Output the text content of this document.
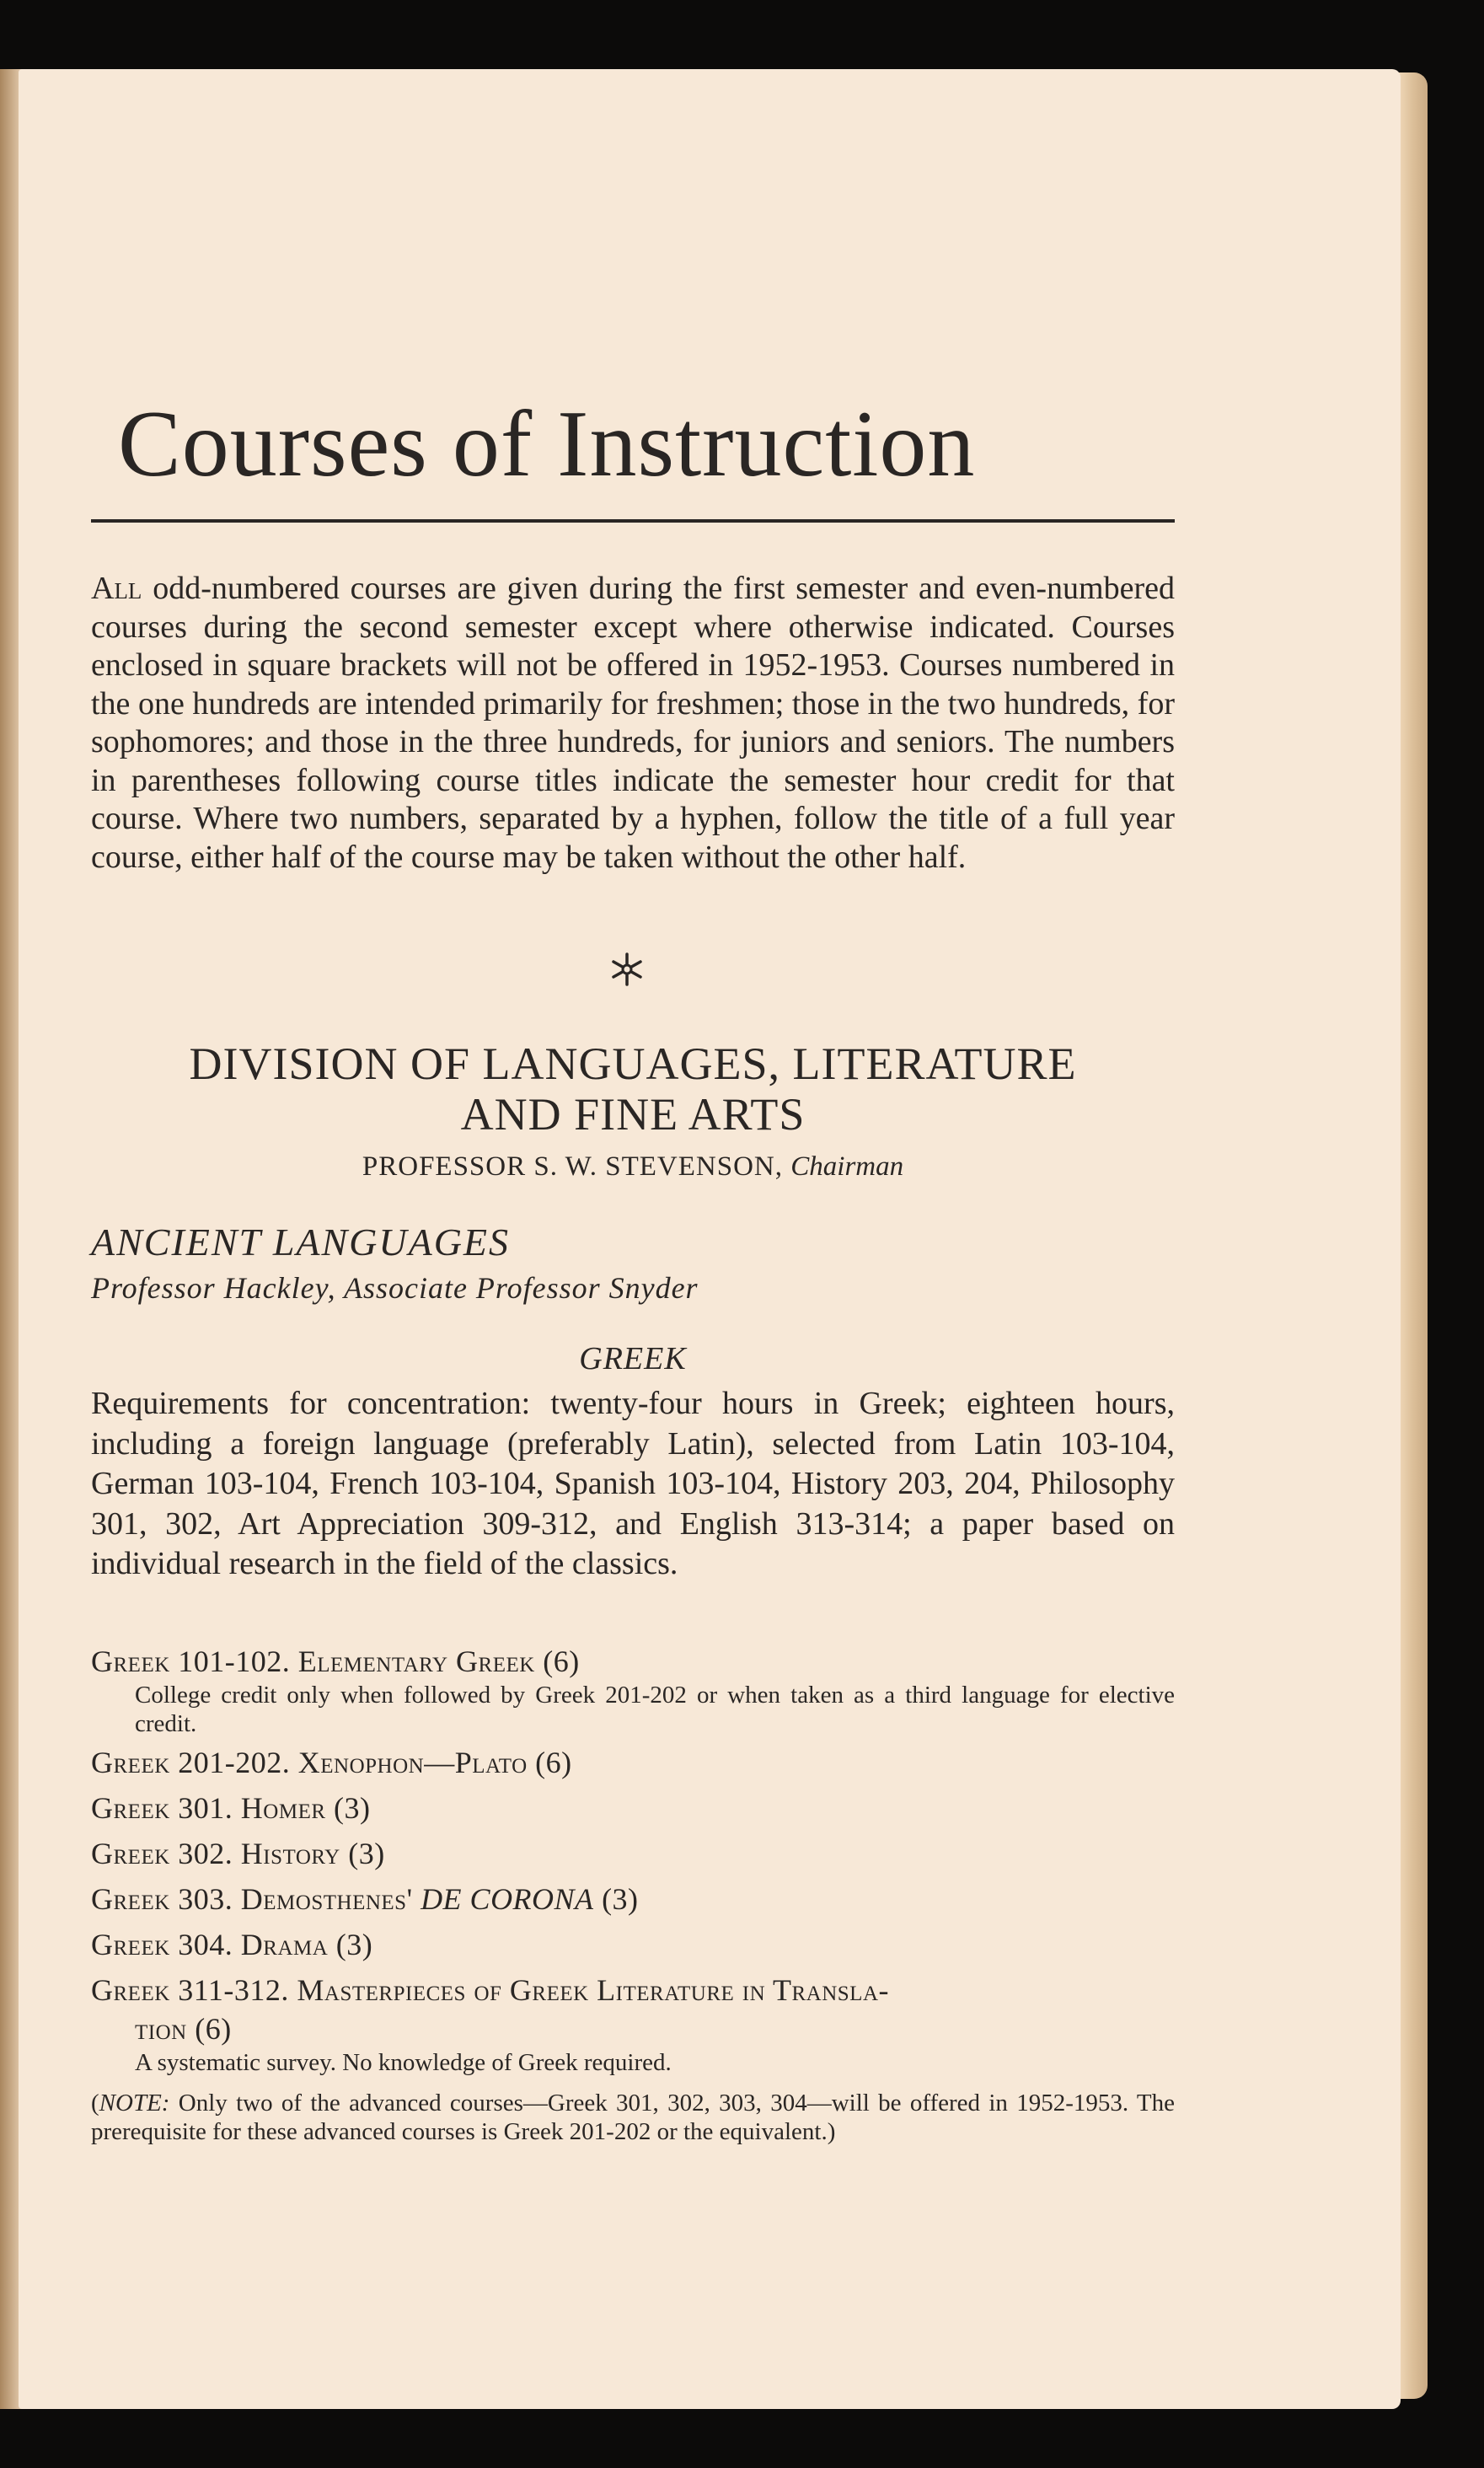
Courses of Instruction

All odd-numbered courses are given during the first semester and even-numbered courses during the second semester except where otherwise indicated. Courses enclosed in square brackets will not be offered in 1952-1953. Courses numbered in the one hundreds are intended primarily for freshmen; those in the two hundreds, for sophomores; and those in the three hundreds, for juniors and seniors. The numbers in parentheses following course titles indicate the semester hour credit for that course. Where two numbers, separated by a hyphen, follow the title of a full year course, either half of the course may be taken without the other half.

DIVISION OF LANGUAGES, LITERATURE
AND FINE ARTS
PROFESSOR S. W. STEVENSON, Chairman
ANCIENT LANGUAGES
Professor Hackley, Associate Professor Snyder
GREEK

Requirements for concentration: twenty-four hours in Greek; eighteen hours, including a foreign language (preferably Latin), selected from Latin 103-104, German 103-104, French 103-104, Spanish 103-104, History 203, 204, Philosophy 301, 302, Art Appreciation 309-312, and English 313-314; a paper based on individual research in the field of the classics.

Greek 101-102. Elementary Greek (6)
College credit only when followed by Greek 201-202 or when taken as a third language for elective credit.
Greek 201-202. Xenophon—Plato (6)
Greek 301. Homer (3)
Greek 302. History (3)
Greek 303. Demosthenes' DE CORONA (3)
Greek 304. Drama (3)
Greek 311-312. Masterpieces of Greek Literature in Transla-
tion (6)
A systematic survey. No knowledge of Greek required.
(NOTE: Only two of the advanced courses—Greek 301, 302, 303, 304—will be offered in 1952-1953. The prerequisite for these advanced courses is Greek 201-202 or the equivalent.)
